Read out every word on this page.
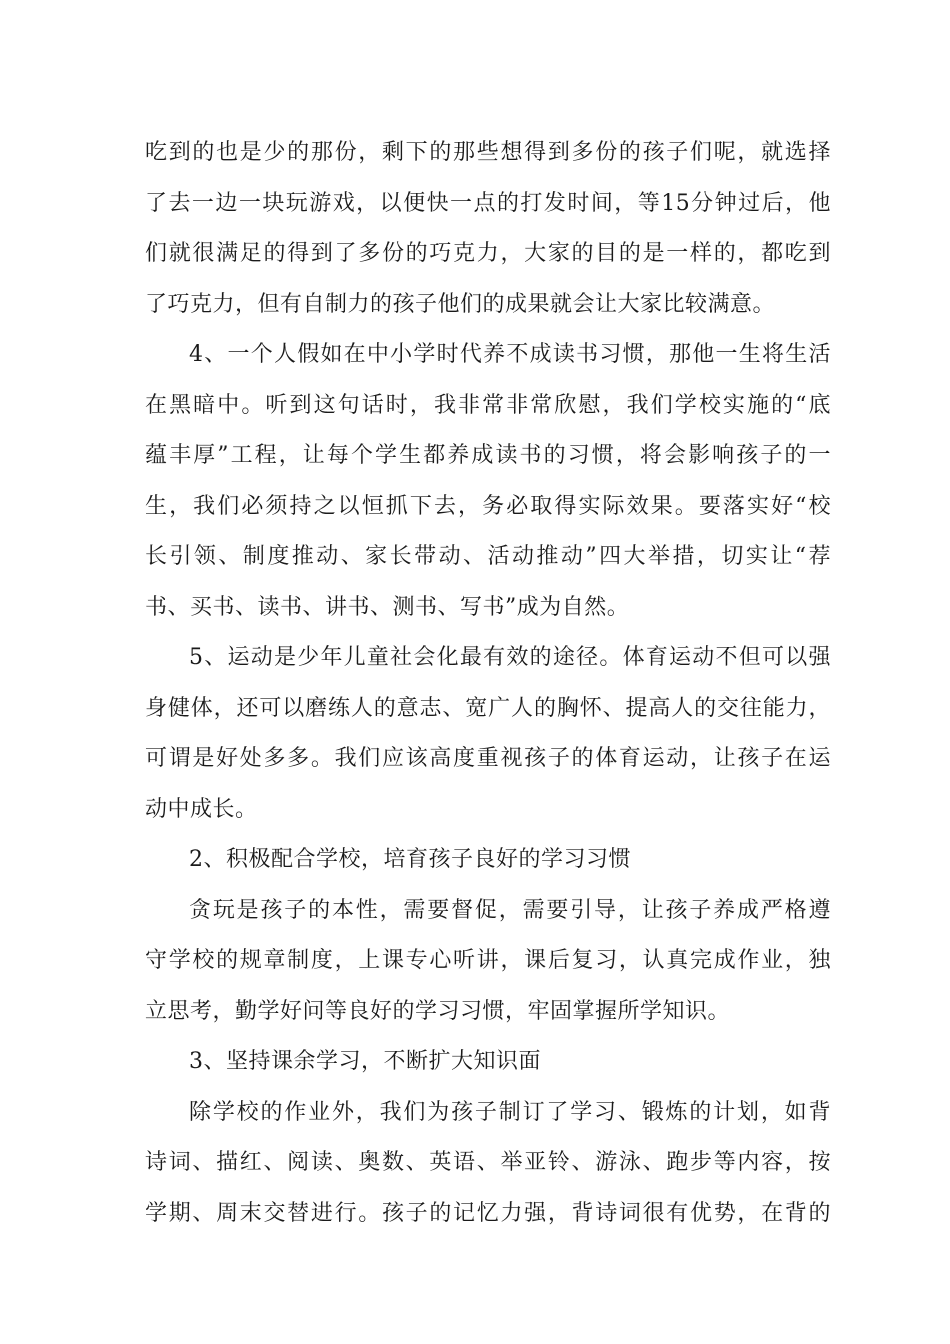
吃到的也是少的那份，剩下的那些想得到多份的孩子们呢，就选择
了去一边一块玩游戏，以便快一点的打发时间，等15分钟过后，他
们就很满足的得到了多份的巧克力，大家的目的是一样的，都吃到
了巧克力，但有自制力的孩子他们的成果就会让大家比较满意。
4、一个人假如在中小学时代养不成读书习惯，那他一生将生活
在黑暗中。听到这句话时，我非常非常欣慰，我们学校实施的“底
蕴丰厚”工程，让每个学生都养成读书的习惯，将会影响孩子的一
生，我们必须持之以恒抓下去，务必取得实际效果。要落实好“校
长引领、制度推动、家长带动、活动推动”四大举措，切实让“荐
书、买书、读书、讲书、测书、写书”成为自然。
5、运动是少年儿童社会化最有效的途径。体育运动不但可以强
身健体，还可以磨练人的意志、宽广人的胸怀、提高人的交往能力，
可谓是好处多多。我们应该高度重视孩子的体育运动，让孩子在运
动中成长。
2、积极配合学校，培育孩子良好的学习习惯
贪玩是孩子的本性，需要督促，需要引导，让孩子养成严格遵
守学校的规章制度，上课专心听讲，课后复习，认真完成作业，独
立思考，勤学好问等良好的学习习惯，牢固掌握所学知识。
3、坚持课余学习，不断扩大知识面
除学校的作业外，我们为孩子制订了学习、锻炼的计划，如背
诗词、描红、阅读、奥数、英语、举亚铃、游泳、跑步等内容，按
学期、周末交替进行。孩子的记忆力强，背诗词很有优势，在背的
